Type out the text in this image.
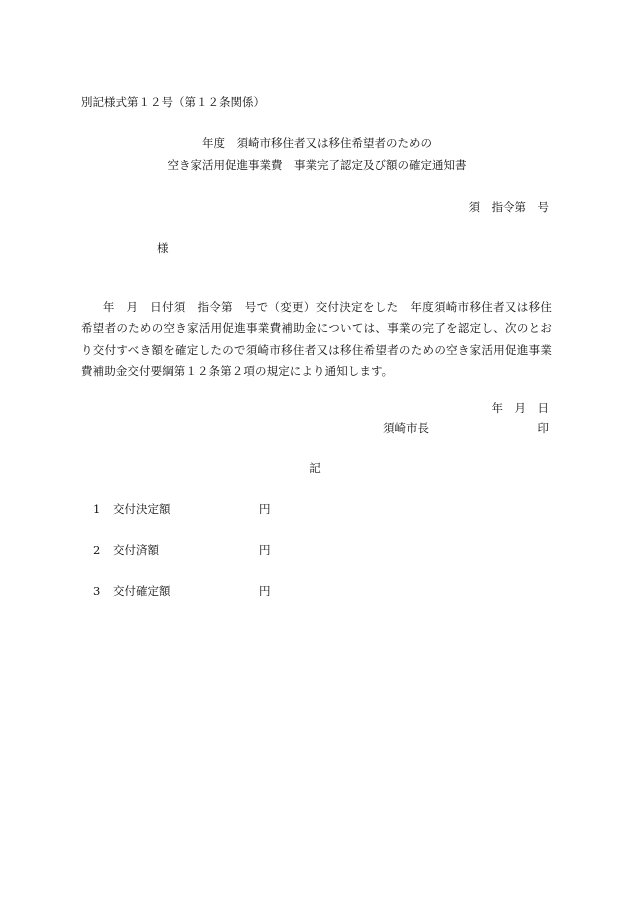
別記様式第１２号（第１２条関係）
年度　須崎市移住者又は移住希望者のための
空き家活用促進事業費　事業完了認定及び額の確定通知書
須　指令第　号
様
年　月　日付須　指令第　号で（変更）交付決定をした　年度須崎市移住者又は移住希望者のための空き家活用促進事業費補助金については、事業の完了を認定し、次のとおり交付すべき額を確定したので須崎市移住者又は移住希望者のための空き家活用促進事業費補助金交付要綱第１２条第２項の規定により通知します。
年　月　日
須崎市長	印
記
1 交付決定額	円
2 交付済額	円
3 交付確定額	円
